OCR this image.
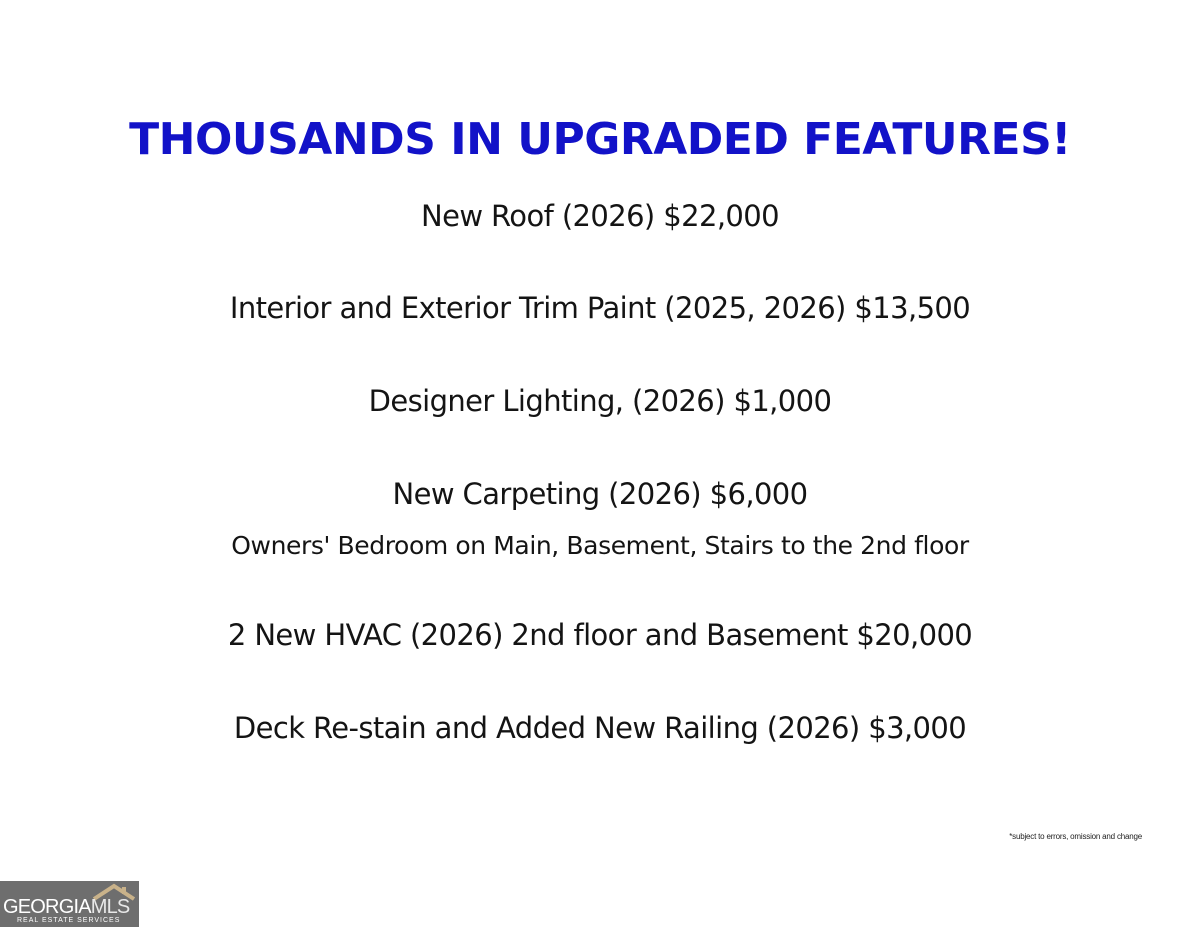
THOUSANDS IN UPGRADED FEATURES!
New Roof (2026) $22,000
Interior and Exterior Trim Paint (2025, 2026) $13,500
Designer Lighting, (2026) $1,000
New Carpeting (2026) $6,000
Owners' Bedroom on Main, Basement, Stairs to the 2nd floor
2 New HVAC (2026) 2nd floor and Basement $20,000
Deck Re-stain and Added New Railing (2026) $3,000
*subject to errors, omission and change
GEORGIAMLS
REAL ESTATE SERVICES
